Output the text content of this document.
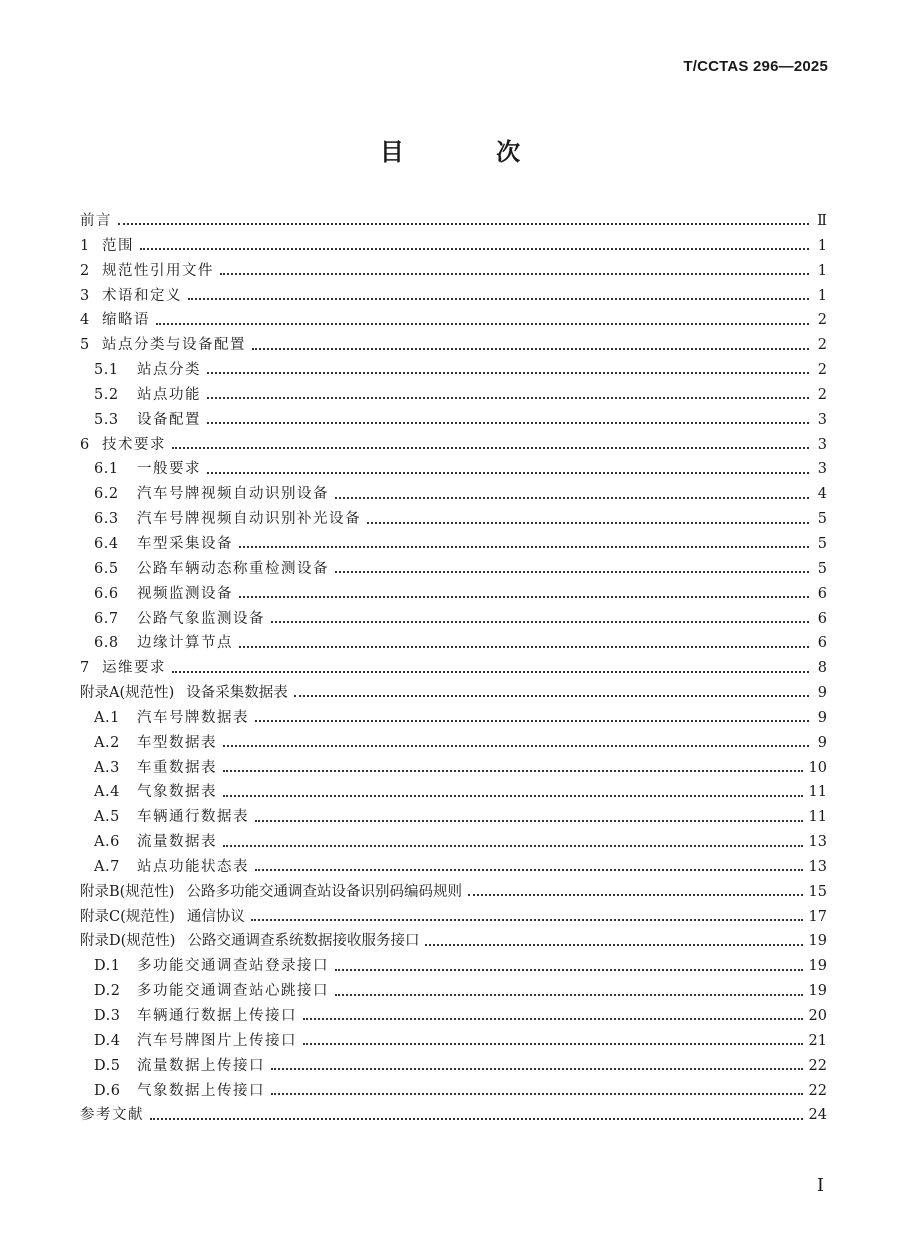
T/CCTAS 296—2025
目 次
前言	Ⅱ
1 范围	1
2 规范性引用文件	1
3 术语和定义	1
4 缩略语	2
5 站点分类与设备配置	2
5.1	站点分类	2
5.2	站点功能	2
5.3	设备配置	3
6 技术要求	3
6.1	一般要求	3
6.2	汽车号牌视频自动识别设备	4
6.3	汽车号牌视频自动识别补光设备	5
6.4	车型采集设备	5
6.5	公路车辆动态称重检测设备	5
6.6	视频监测设备	6
6.7	公路气象监测设备	6
6.8	边缘计算节点	6
7 运维要求	8
附录A(规范性) 设备采集数据表	9
A.1	汽车号牌数据表	9
A.2	车型数据表	9
A.3	车重数据表	10
A.4	气象数据表	11
A.5	车辆通行数据表	11
A.6	流量数据表	13
A.7	站点功能状态表	13
附录B(规范性) 公路多功能交通调查站设备识别码编码规则	15
附录C(规范性) 通信协议	17
附录D(规范性) 公路交通调查系统数据接收服务接口	19
D.1	多功能交通调查站登录接口	19
D.2	多功能交通调查站心跳接口	19
D.3	车辆通行数据上传接口	20
D.4	汽车号牌图片上传接口	21
D.5	流量数据上传接口	22
D.6	气象数据上传接口	22
参考文献	24
I
